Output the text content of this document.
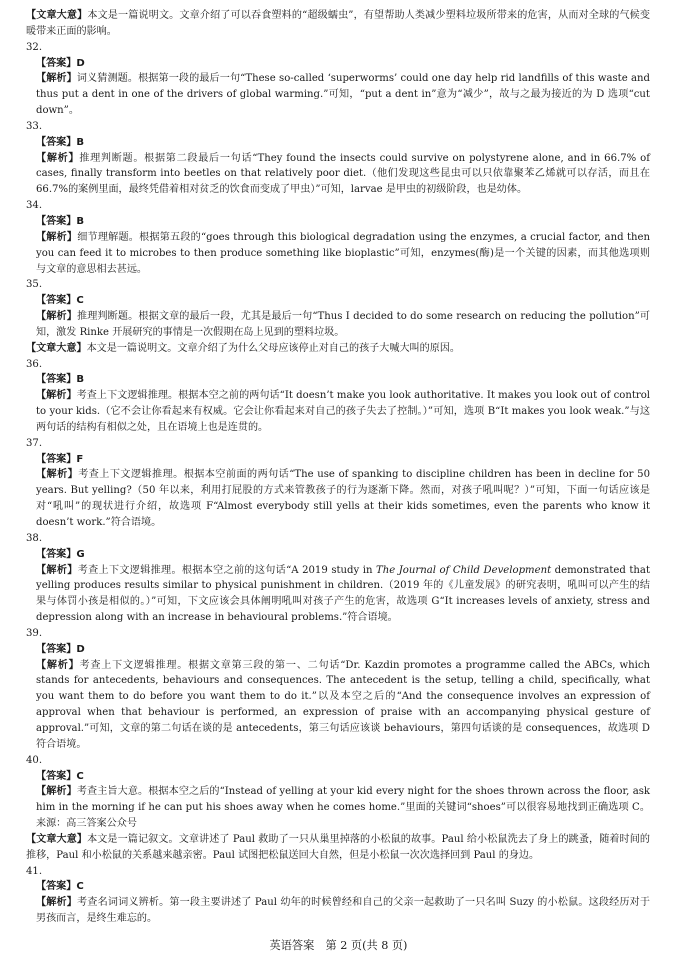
【文章大意】本文是一篇说明文。文章介绍了可以吞食塑料的“超级蠕虫”，有望帮助人类减少塑料垃圾所带来的危害，从而对全球的气候变暖带来正面的影响。

32.

【答案】D

【解析】词义猜测题。根据第一段的最后一句“These so-called ‘superworms’ could one day help rid landfills of this waste and thus put a dent in one of the drivers of global warming.”可知，“put a dent in”意为“减少”，故与之最为接近的为 D 选项“cut down”。

33.

【答案】B

【解析】推理判断题。根据第二段最后一句话“They found the insects could survive on polystyrene alone, and in 66.7% of cases, finally transform into beetles on that relatively poor diet.（他们发现这些昆虫可以只依靠聚苯乙烯就可以存活，而且在 66.7%的案例里面，最终凭借着相对贫乏的饮食而变成了甲虫）”可知，larvae 是甲虫的初级阶段，也是幼体。

34.

【答案】B

【解析】细节理解题。根据第五段的“goes through this biological degradation using the enzymes, a crucial factor, and then you can feed it to microbes to then produce something like bioplastic”可知，enzymes(酶)是一个关键的因素，而其他选项则与文章的意思相去甚远。

35.

【答案】C

【解析】推理判断题。根据文章的最后一段，尤其是最后一句“Thus I decided to do some research on reducing the pollution”可知，激发 Rinke 开展研究的事情是一次假期在岛上见到的塑料垃圾。

【文章大意】本文是一篇说明文。文章介绍了为什么父母应该停止对自己的孩子大喊大叫的原因。

36.

【答案】B

【解析】考查上下文逻辑推理。根据本空之前的两句话“It doesn’t make you look authoritative. It makes you look out of control to your kids.（它不会让你看起来有权威。它会让你看起来对自己的孩子失去了控制。）”可知，选项 B“It makes you look weak.”与这两句话的结构有相似之处，且在语境上也是连贯的。

37.

【答案】F

【解析】考查上下文逻辑推理。根据本空前面的两句话“The use of spanking to discipline children has been in decline for 50 years. But yelling?（50 年以来，利用打屁股的方式来管教孩子的行为逐渐下降。然而，对孩子吼叫呢？）”可知，下面一句话应该是对“吼叫”的现状进行介绍，故选项 F“Almost everybody still yells at their kids sometimes, even the parents who know it doesn’t work.”符合语境。

38.

【答案】G

【解析】考查上下文逻辑推理。根据本空之前的这句话“A 2019 study in The Journal of Child Development demonstrated that yelling produces results similar to physical punishment in children.（2019 年的《儿童发展》的研究表明，吼叫可以产生的结果与体罚小孩是相似的。）”可知，下文应该会具体阐明吼叫对孩子产生的危害，故选项 G“It increases levels of anxiety, stress and depression along with an increase in behavioural problems.”符合语境。

39.

【答案】D

【解析】考查上下文逻辑推理。根据文章第三段的第一、二句话“Dr. Kazdin promotes a programme called the ABCs, which stands for antecedents, behaviours and consequences. The antecedent is the setup, telling a child, specifically, what you want them to do before you want them to do it.”以及本空之后的“And the consequence involves an expression of approval when that behaviour is performed, an expression of praise with an accompanying physical gesture of approval.”可知，文章的第二句话在谈的是 antecedents，第三句话应该谈 behaviours，第四句话谈的是 consequences，故选项 D 符合语境。

40.

【答案】C

【解析】考查主旨大意。根据本空之后的“Instead of yelling at your kid every night for the shoes thrown across the floor, ask him in the morning if he can put his shoes away when he comes home.”里面的关键词“shoes”可以很容易地找到正确选项 C。来源：高三答案公众号

【文章大意】本文是一篇记叙文。文章讲述了 Paul 救助了一只从巢里掉落的小松鼠的故事。Paul 给小松鼠洗去了身上的跳蚤，随着时间的推移，Paul 和小松鼠的关系越来越亲密。Paul 试图把松鼠送回大自然，但是小松鼠一次次选择回到 Paul 的身边。

41.

【答案】C

【解析】考查名词词义辨析。第一段主要讲述了 Paul 幼年的时候曾经和自己的父亲一起救助了一只名叫 Suzy 的小松鼠。这段经历对于男孩而言，是终生难忘的。

英语答案　第 2 页(共 8 页)
